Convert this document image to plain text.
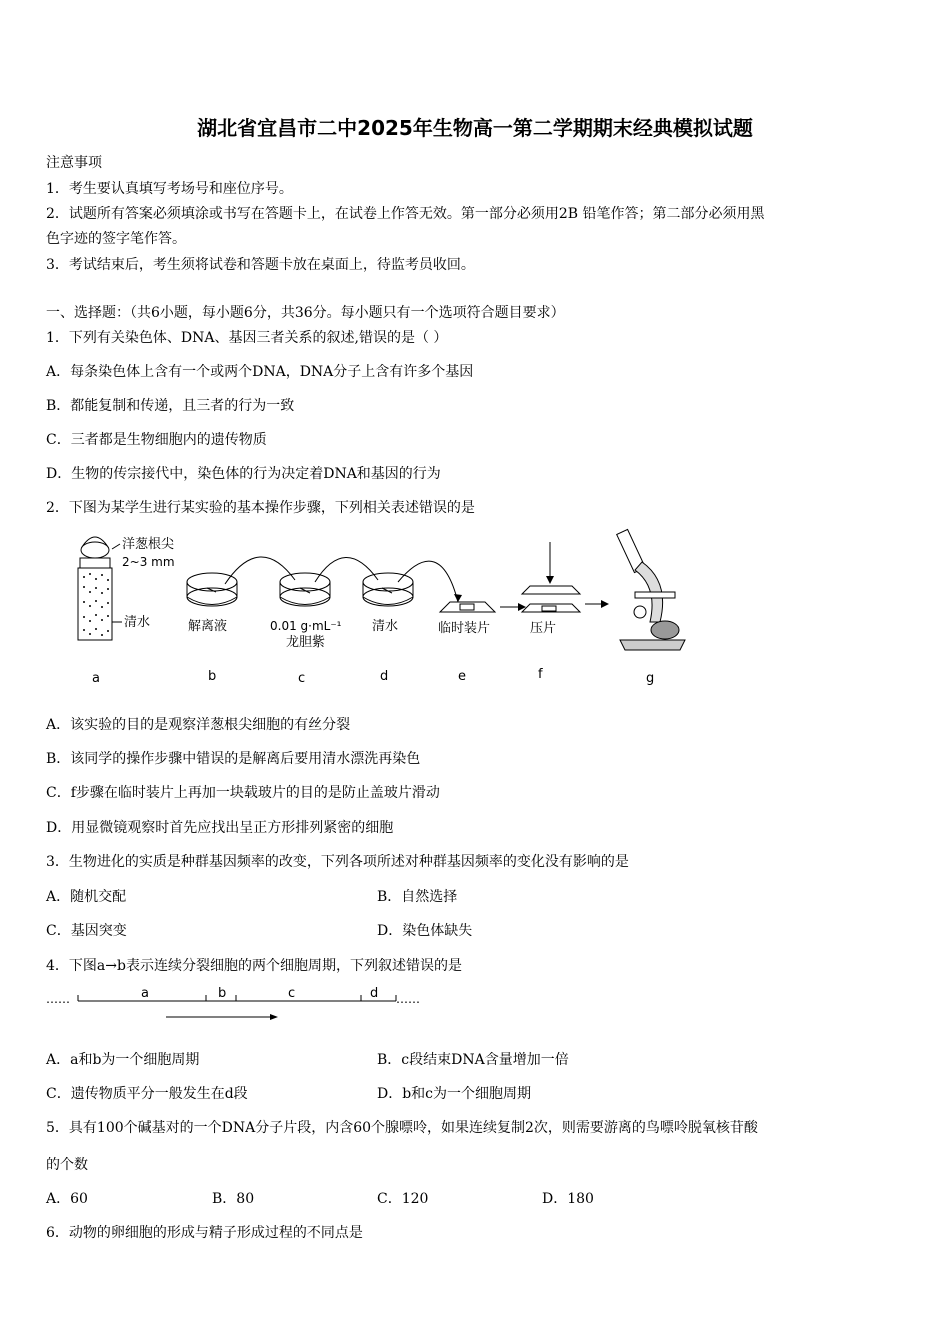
湖北省宜昌市二中2025年生物高一第二学期期末经典模拟试题
注意事项
1．考生要认真填写考场号和座位序号。
2．试题所有答案必须填涂或书写在答题卡上，在试卷上作答无效。第一部分必须用2B 铅笔作答；第二部分必须用黑
色字迹的签字笔作答。
3．考试结束后，考生须将试卷和答题卡放在桌面上，待监考员收回。
一、选择题：（共6小题，每小题6分，共36分。每小题只有一个选项符合题目要求）
1．下列有关染色体、DNA、基因三者关系的叙述,错误的是（ ）
A．每条染色体上含有一个或两个DNA，DNA分子上含有许多个基因
B．都能复制和传递，且三者的行为一致
C．三者都是生物细胞内的遗传物质
D．生物的传宗接代中，染色体的行为决定着DNA和基因的行为
2．下图为某学生进行某实验的基本操作步骤，下列相关表述错误的是
洋葱根尖
2~3 mm
清水	解离液	0.01 g·mL⁻¹
龙胆紫
清水	临时装片	压片
a	b	c	d	e	f	g
A．该实验的目的是观察洋葱根尖细胞的有丝分裂
B．该同学的操作步骤中错误的是解离后要用清水漂洗再染色
C．f步骤在临时装片上再加一块载玻片的目的是防止盖玻片滑动
D．用显微镜观察时首先应找出呈正方形排列紧密的细胞
3．生物进化的实质是种群基因频率的改变，下列各项所述对种群基因频率的变化没有影响的是
A．随机交配	B．自然选择
C．基因突变	D．染色体缺失
4．下图a→b表示连续分裂细胞的两个细胞周期，下列叙述错误的是
……	……
a	b	c	d
A．a和b为一个细胞周期	B．c段结束DNA含量增加一倍
C．遗传物质平分一般发生在d段	D．b和c为一个细胞周期
5．具有100个碱基对的一个DNA分子片段，内含60个腺嘌呤，如果连续复制2次，则需要游离的鸟嘌呤脱氧核苷酸
的个数
A．60	B．80	C．120	D．180
6．动物的卵细胞的形成与精子形成过程的不同点是
